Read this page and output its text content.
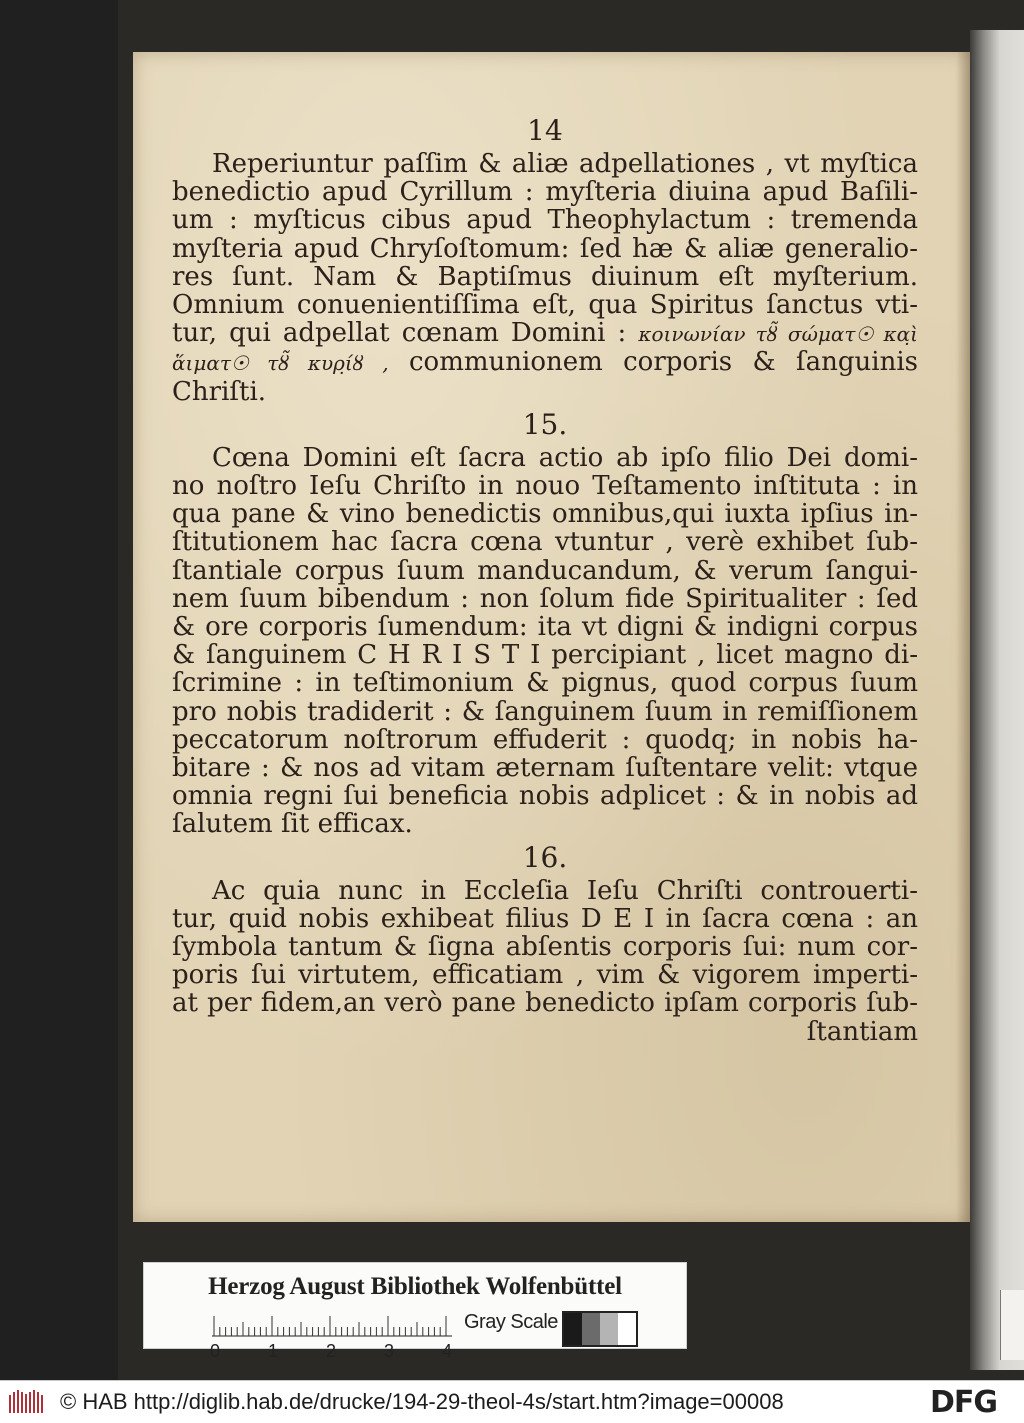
14
Reperiuntur paſſim & aliæ adpellationes , vt myſtica
benedictio apud Cyrillum : myſteria diuina apud Baſili-
um : myſticus cibus apud Theophylactum : tremenda
myſteria apud Chryſoſtomum: ſed hæ & aliæ generalio-
res ſunt. Nam & Baptiſmus diuinum eſt myſterium.
Omnium conuenientiſſima eſt, qua Spiritus ſanctus vti-
tur, qui adpellat cœnam Domini : κοινωνίαν τȣ̃ σώματ☉ κα̣ὶ
ἅιματ☉ τȣ̃ κυρ̣ίȣ , communionem corporis & ſanguinis
Chriſti.
15.
Cœna Domini eſt ſacra actio ab ipſo filio Dei domi-
no noſtro Ieſu Chriſto in nouo Teſtamento inſtituta : in
qua pane & vino benedictis omnibus,qui iuxta ipſius in-
ſtitutionem hac ſacra cœna vtuntur , verè exhibet ſub-
ſtantiale corpus ſuum manducandum, & verum ſangui-
nem ſuum bibendum : non ſolum fide Spiritualiter : ſed
& ore corporis ſumendum: ita vt digni & indigni corpus
& ſanguinem C H R I S T I percipiant , licet magno di-
ſcrimine : in teſtimonium & pignus, quod corpus ſuum
pro nobis tradiderit : & ſanguinem ſuum in remiſſionem
peccatorum noſtrorum effuderit : quodq; in nobis ha-
bitare : & nos ad vitam æternam ſuſtentare velit: vtque
omnia regni ſui beneficia nobis adplicet : & in nobis ad
ſalutem ſit efficax.
16.
Ac quia nunc in Eccleſia Ieſu Chriſti controuerti-
tur, quid nobis exhibeat filius D E I in ſacra cœna : an
ſymbola tantum & ſigna abſentis corporis ſui: num cor-
poris ſui virtutem, efficatiam , vim & vigorem imperti-
at per fidem,an verò pane benedicto ipſam corporis ſub-
ſtantiam
Herzog August Bibliothek Wolfenbüttel
0	1	2	3	4
Gray Scale
© HAB http://diglib.hab.de/drucke/194-29-theol-4s/start.htm?image=00008	DFG
